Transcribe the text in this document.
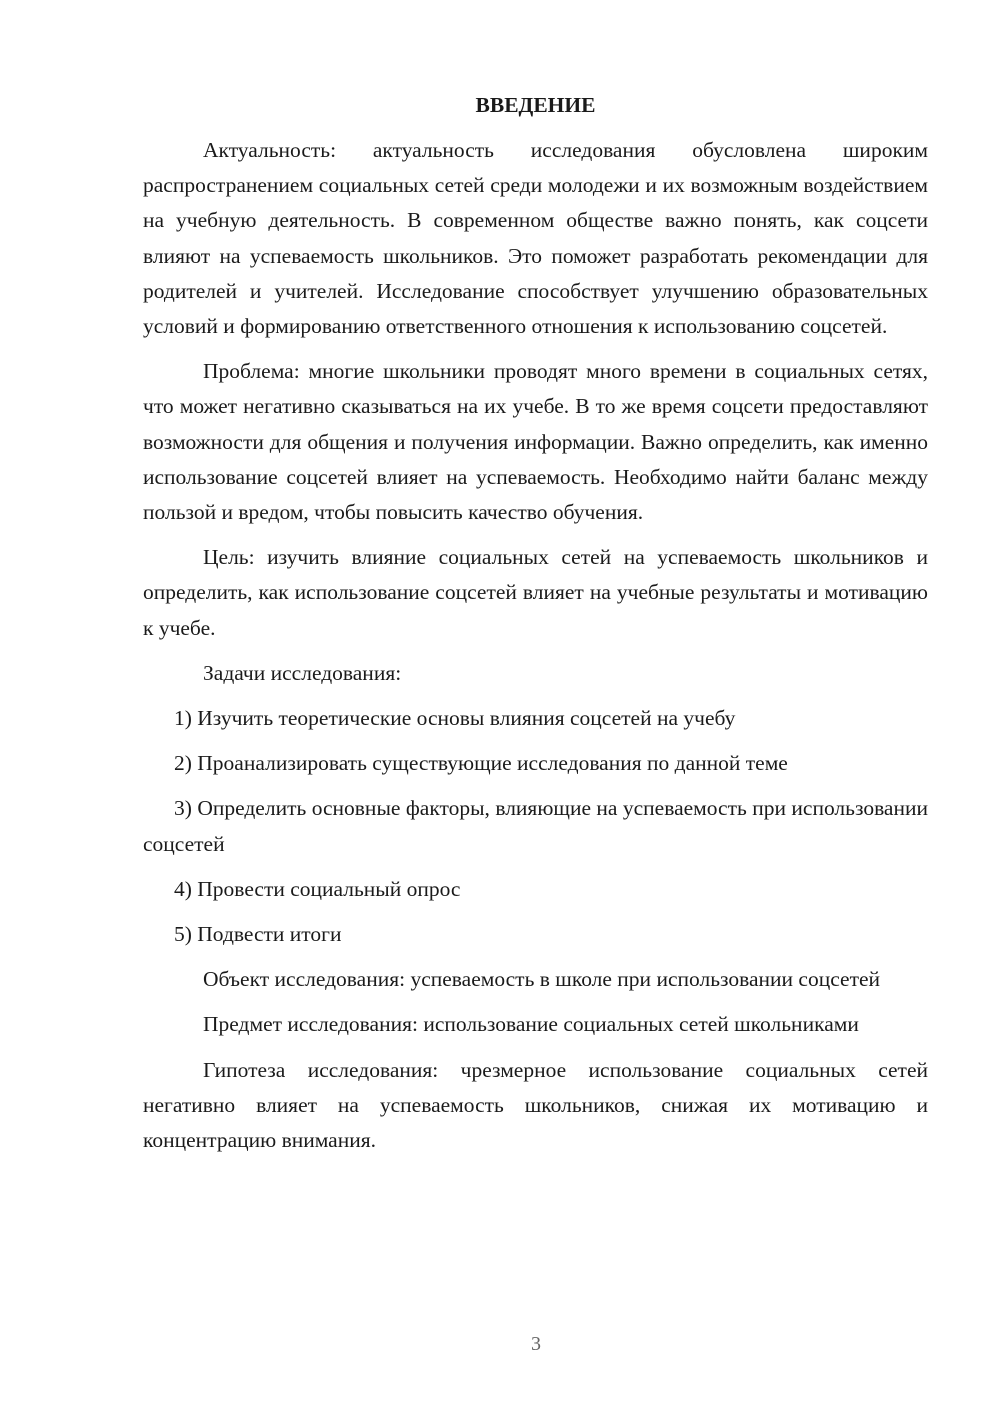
ВВЕДЕНИЕ

Актуальность: актуальность исследования обусловлена широким распространением социальных сетей среди молодежи и их возможным воздействием на учебную деятельность. В современном обществе важно понять, как соцсети влияют на успеваемость школьников. Это поможет разработать рекомендации для родителей и учителей. Исследование способствует улучшению образовательных условий и формированию ответственного отношения к использованию соцсетей.

Проблема: многие школьники проводят много времени в социальных сетях, что может негативно сказываться на их учебе. В то же время соцсети предоставляют возможности для общения и получения информации. Важно определить, как именно использование соцсетей влияет на успеваемость. Необходимо найти баланс между пользой и вредом, чтобы повысить качество обучения.

Цель: изучить влияние социальных сетей на успеваемость школьников и определить, как использование соцсетей влияет на учебные результаты и мотивацию к учебе.

Задачи исследования:

1) Изучить теоретические основы влияния соцсетей на учебу

2) Проанализировать существующие исследования по данной теме

3) Определить основные факторы, влияющие на успеваемость при использовании соцсетей

4) Провести социальный опрос

5) Подвести итоги

Объект исследования: успеваемость в школе при использовании соцсетей

Предмет исследования: использование социальных сетей школьниками

Гипотеза исследования: чрезмерное использование социальных сетей негативно влияет на успеваемость школьников, снижая их мотивацию и концентрацию внимания.

3
